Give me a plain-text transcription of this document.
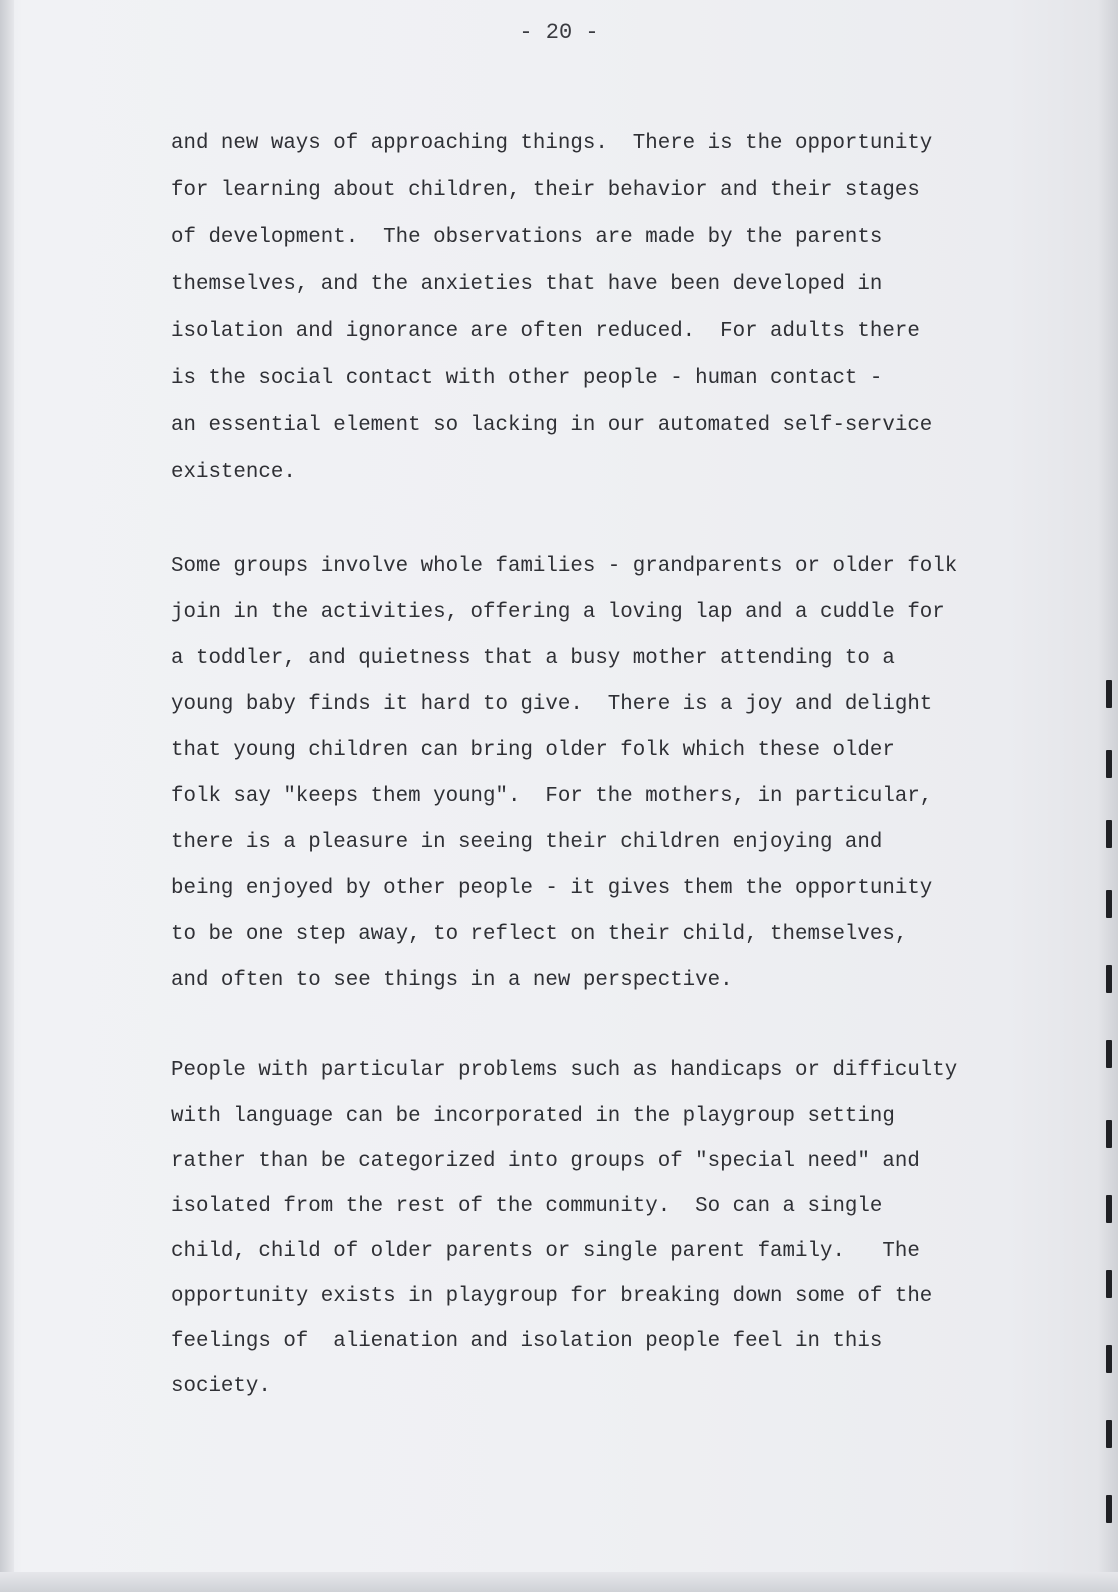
- 20 -
and new ways of approaching things.  There is the opportunity
for learning about children, their behavior and their stages
of development.  The observations are made by the parents
themselves, and the anxieties that have been developed in
isolation and ignorance are often reduced.  For adults there
is the social contact with other people - human contact -
an essential element so lacking in our automated self-service
existence.
Some groups involve whole families - grandparents or older folk
join in the activities, offering a loving lap and a cuddle for
a toddler, and quietness that a busy mother attending to a
young baby finds it hard to give.  There is a joy and delight
that young children can bring older folk which these older
folk say "keeps them young".  For the mothers, in particular,
there is a pleasure in seeing their children enjoying and
being enjoyed by other people - it gives them the opportunity
to be one step away, to reflect on their child, themselves,
and often to see things in a new perspective.
People with particular problems such as handicaps or difficulty
with language can be incorporated in the playgroup setting
rather than be categorized into groups of "special need" and
isolated from the rest of the community.  So can a single
child, child of older parents or single parent family.   The
opportunity exists in playgroup for breaking down some of the
feelings of  alienation and isolation people feel in this
society.
